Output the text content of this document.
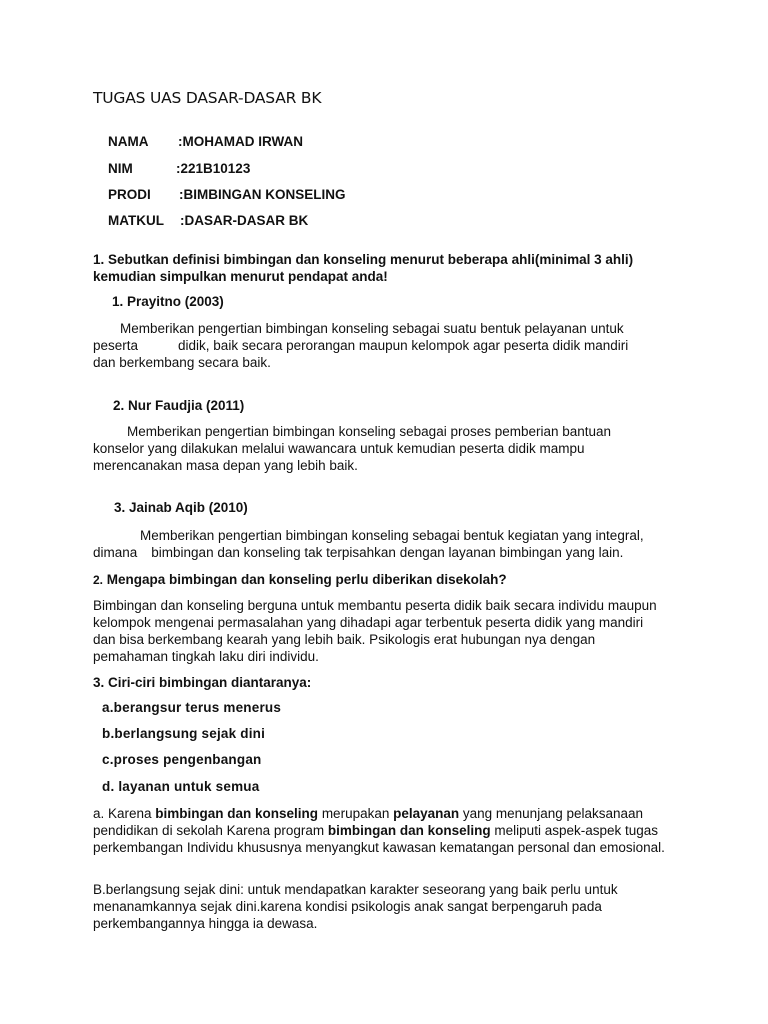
TUGAS UAS DASAR-DASAR BK

NAMA :MOHAMAD IRWAN

NIM	:221B10123

PRODI :BIMBINGAN KONSELING

MATKUL :DASAR-DASAR BK

1. Sebutkan definisi bimbingan dan konseling menurut beberapa ahli(minimal 3 ahli) kemudian simpulkan menurut pendapat anda!
1. Prayitno (2003)
Memberikan pengertian bimbingan konseling sebagai suatu bentuk pelayanan untuk
peserta	didik, baik secara perorangan maupun kelompok agar peserta didik mandiri
dan berkembang secara baik.
2. Nur Faudjia (2011)
Memberikan pengertian bimbingan konseling sebagai proses pemberian bantuan
konselor yang dilakukan melalui wawancara untuk kemudian peserta didik mampu
merencanakan masa depan yang lebih baik.
3. Jainab Aqib (2010)
Memberikan pengertian bimbingan konseling sebagai bentuk kegiatan yang integral,
dimana bimbingan dan konseling tak terpisahkan dengan layanan bimbingan yang lain.
2. Mengapa bimbingan dan konseling perlu diberikan disekolah?
Bimbingan dan konseling berguna untuk membantu peserta didik baik secara individu maupun kelompok mengenai permasalahan yang dihadapi agar terbentuk peserta didik yang mandiri dan bisa berkembang kearah yang lebih baik. Psikologis erat hubungan nya dengan pemahaman tingkah laku diri individu.
3. Ciri-ciri bimbingan diantaranya:
a.berangsur terus menerus
b.berlangsung sejak dini
c.proses pengenbangan
d. layanan untuk semua
a. Karena bimbingan dan konseling merupakan pelayanan yang menunjang pelaksanaan pendidikan di sekolah Karena program bimbingan dan konseling meliputi aspek-aspek tugas perkembangan Individu khususnya menyangkut kawasan kematangan personal dan emosional.
B.berlangsung sejak dini: untuk mendapatkan karakter seseorang yang baik perlu untuk menanamkannya sejak dini.karena kondisi psikologis anak sangat berpengaruh pada perkembangannya hingga ia dewasa.
